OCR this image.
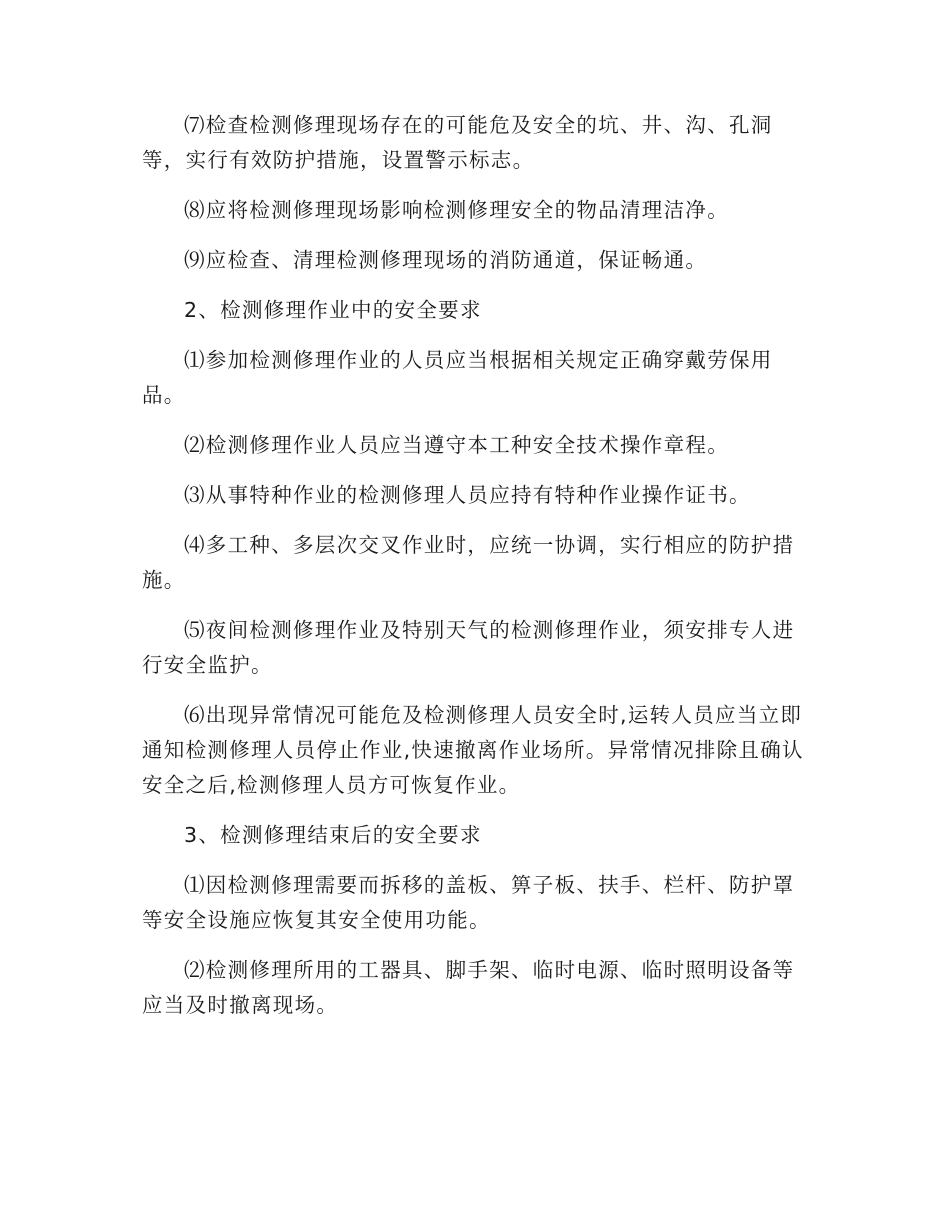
⑺检查检测修理现场存在的可能危及安全的坑、井、沟、孔洞等，实行有效防护措施，设置警示标志。

⑻应将检测修理现场影响检测修理安全的物品清理洁净。

⑼应检查、清理检测修理现场的消防通道，保证畅通。

2、检测修理作业中的安全要求

⑴参加检测修理作业的人员应当根据相关规定正确穿戴劳保用品。

⑵检测修理作业人员应当遵守本工种安全技术操作章程。

⑶从事特种作业的检测修理人员应持有特种作业操作证书。

⑷多工种、多层次交叉作业时，应统一协调，实行相应的防护措施。

⑸夜间检测修理作业及特别天气的检测修理作业，须安排专人进行安全监护。

⑹出现异常情况可能危及检测修理人员安全时,运转人员应当立即通知检测修理人员停止作业,快速撤离作业场所。异常情况排除且确认安全之后,检测修理人员方可恢复作业。

3、检测修理结束后的安全要求

⑴因检测修理需要而拆移的盖板、箅子板、扶手、栏杆、防护罩等安全设施应恢复其安全使用功能。

⑵检测修理所用的工器具、脚手架、临时电源、临时照明设备等应当及时撤离现场。
